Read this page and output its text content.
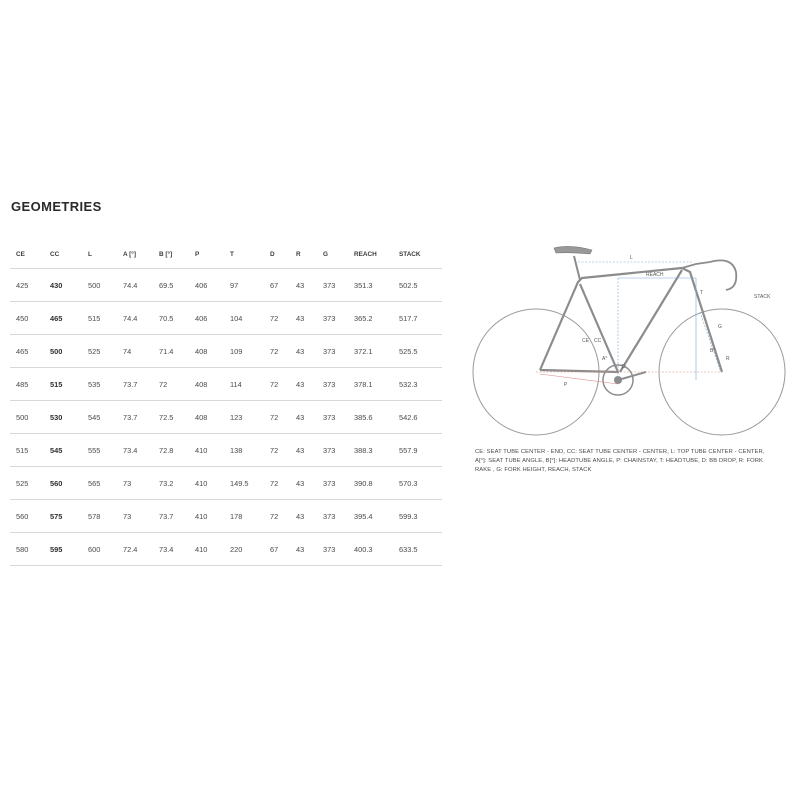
GEOMETRIES
CE	CC	L	A [°]	B [°]	P	T	D	R	G	REACH	STACK
425	430	500	74.4	69.5	406	97	67	43	373	351.3	502.5
450	465	515	74.4	70.5	406	104	72	43	373	365.2	517.7
465	500	525	74	71.4	408	109	72	43	373	372.1	525.5
485	515	535	73.7	72	408	114	72	43	373	378.1	532.3
500	530	545	73.7	72.5	408	123	72	43	373	385.6	542.6
515	545	555	73.4	72.8	410	138	72	43	373	388.3	557.9
525	560	565	73	73.2	410	149.5	72	43	373	390.8	570.3
560	575	578	73	73.7	410	178	72	43	373	395.4	599.3
580	595	600	72.4	73.4	410	220	67	43	373	400.3	633.5
L
REACH
STACK
CE CC
A°
B°
T
P
D
R
G
CE: SEAT TUBE CENTER - END, CC: SEAT TUBE CENTER - CENTER, L: TOP TUBE CENTER - CENTER, A[°]: SEAT TUBE ANGLE, B[°]: HEADTUBE ANGLE, P: CHAINSTAY, T: HEADTUBE, D: BB DROP, R: FORK RAKE , G: FORK HEIGHT, REACH, STACK
